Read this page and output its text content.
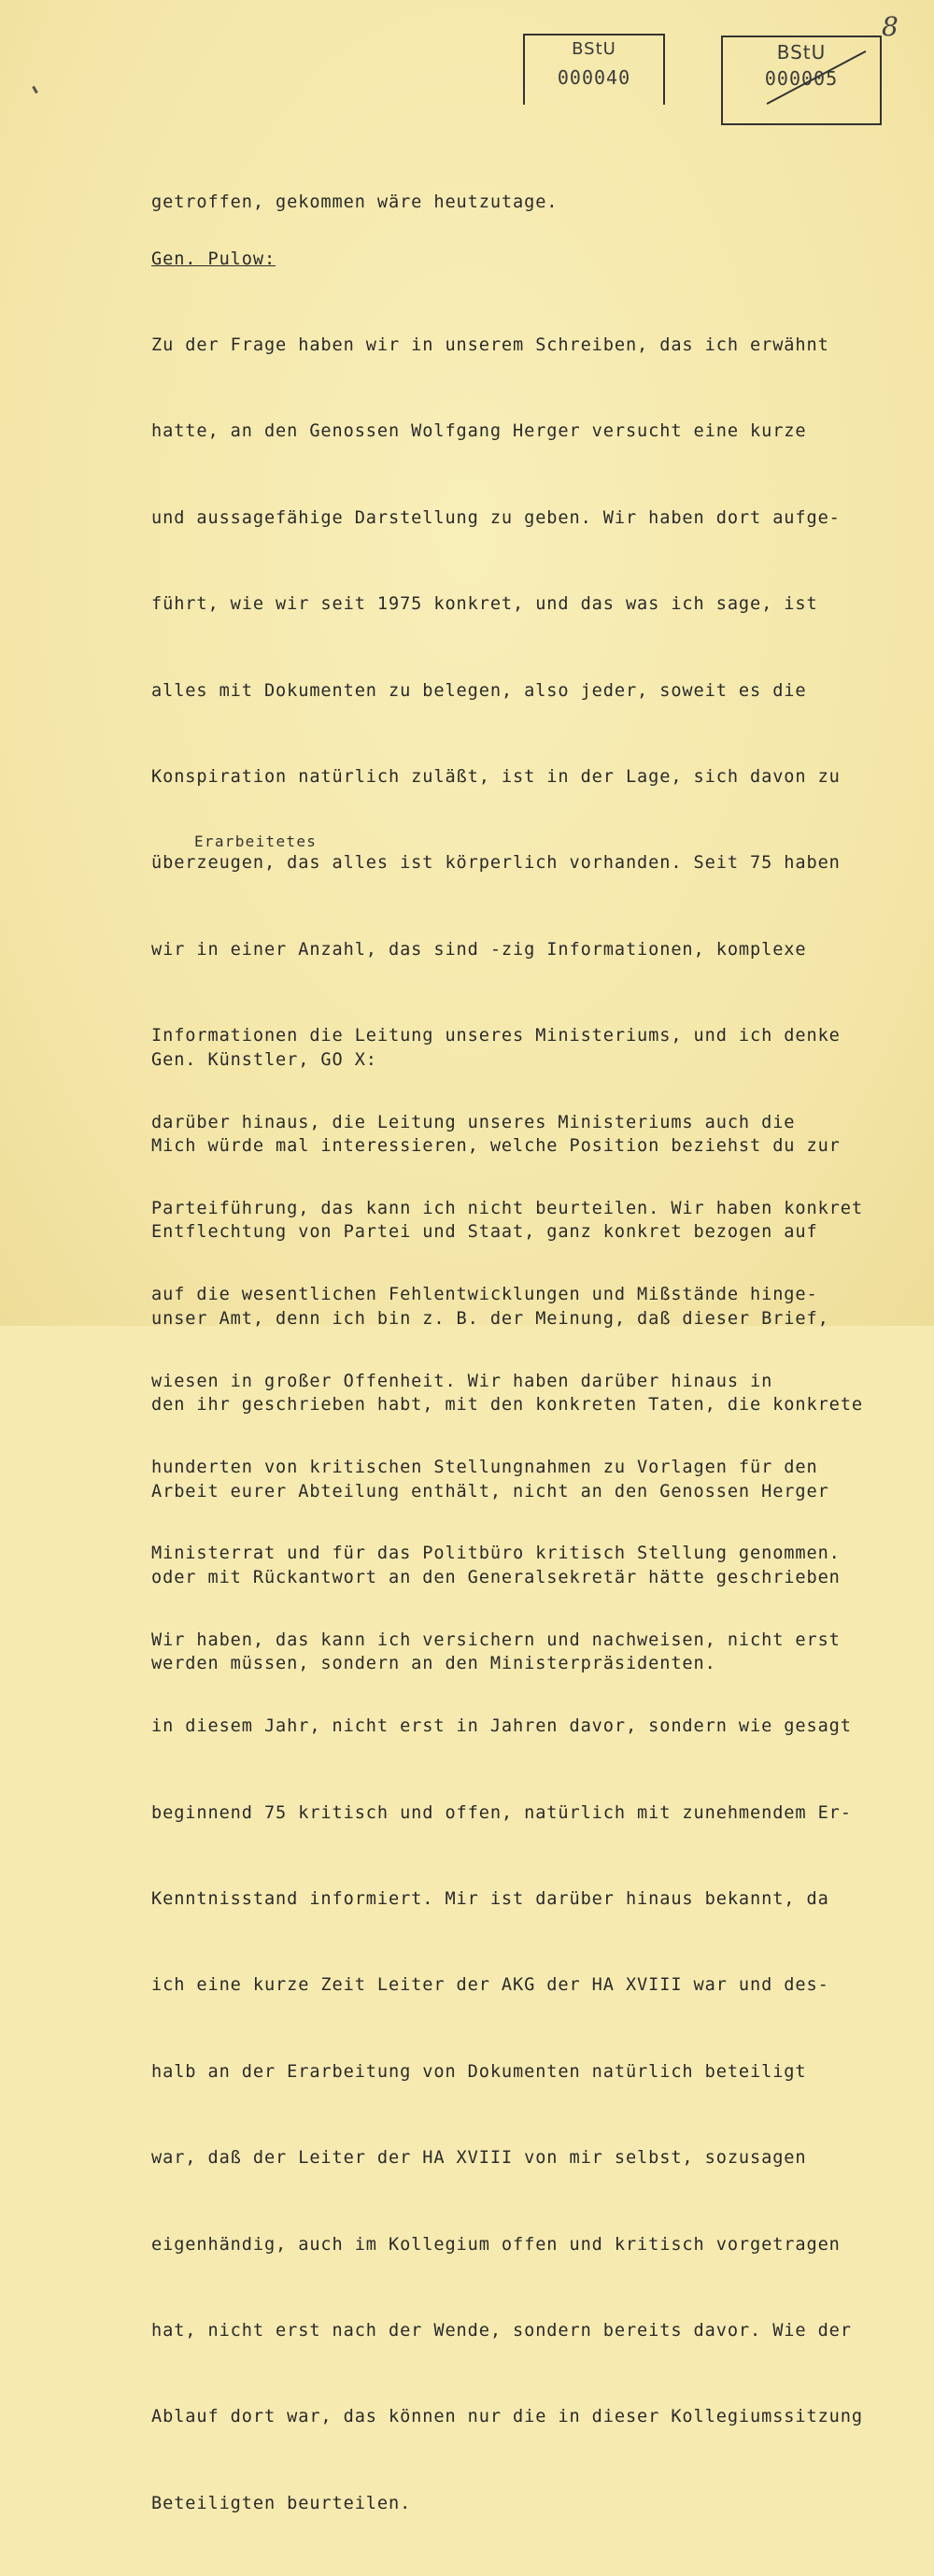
BStU
000040
BStU
000005
8

getroffen, gekommen wäre heutzutage.

Gen. Pulow:

Zu der Frage haben wir in unserem Schreiben, das ich erwähnt

hatte, an den Genossen Wolfgang Herger versucht eine kurze

und aussagefähige Darstellung zu geben. Wir haben dort aufge-

führt, wie wir seit 1975 konkret, und das was ich sage, ist

alles mit Dokumenten zu belegen, also jeder, soweit es die

Konspiration natürlich zuläßt, ist in der Lage, sich davon zu

überzeugen, das alles ist körperlich vorhanden. Seit 75 haben

wir in einer Anzahl, das sind -zig Informationen, komplexe

Informationen die Leitung unseres Ministeriums, und ich denke

darüber hinaus, die Leitung unseres Ministeriums auch die

Parteiführung, das kann ich nicht beurteilen. Wir haben konkret

auf die wesentlichen Fehlentwicklungen und Mißstände hinge-

wiesen in großer Offenheit. Wir haben darüber hinaus in

hunderten von kritischen Stellungnahmen zu Vorlagen für den

Ministerrat und für das Politbüro kritisch Stellung genommen.

Wir haben, das kann ich versichern und nachweisen, nicht erst

in diesem Jahr, nicht erst in Jahren davor, sondern wie gesagt

beginnend 75 kritisch und offen, natürlich mit zunehmendem Er-

Kenntnisstand informiert. Mir ist darüber hinaus bekannt, da

ich eine kurze Zeit Leiter der AKG der HA XVIII war und des-

halb an der Erarbeitung von Dokumenten natürlich beteiligt

war, daß der Leiter der HA XVIII von mir selbst, sozusagen

eigenhändig, auch im Kollegium offen und kritisch vorgetragen

hat, nicht erst nach der Wende, sondern bereits davor. Wie der

Ablauf dort war, das können nur die in dieser Kollegiumssitzung

Beteiligten beurteilen.

Erarbeitetes

Gen. Künstler, GO X:

Mich würde mal interessieren, welche Position beziehst du zur

Entflechtung von Partei und Staat, ganz konkret bezogen auf

unser Amt, denn ich bin z. B. der Meinung, daß dieser Brief,

den ihr geschrieben habt, mit den konkreten Taten, die konkrete

Arbeit eurer Abteilung enthält, nicht an den Genossen Herger

oder mit Rückantwort an den Generalsekretär hätte geschrieben

werden müssen, sondern an den Ministerpräsidenten.
